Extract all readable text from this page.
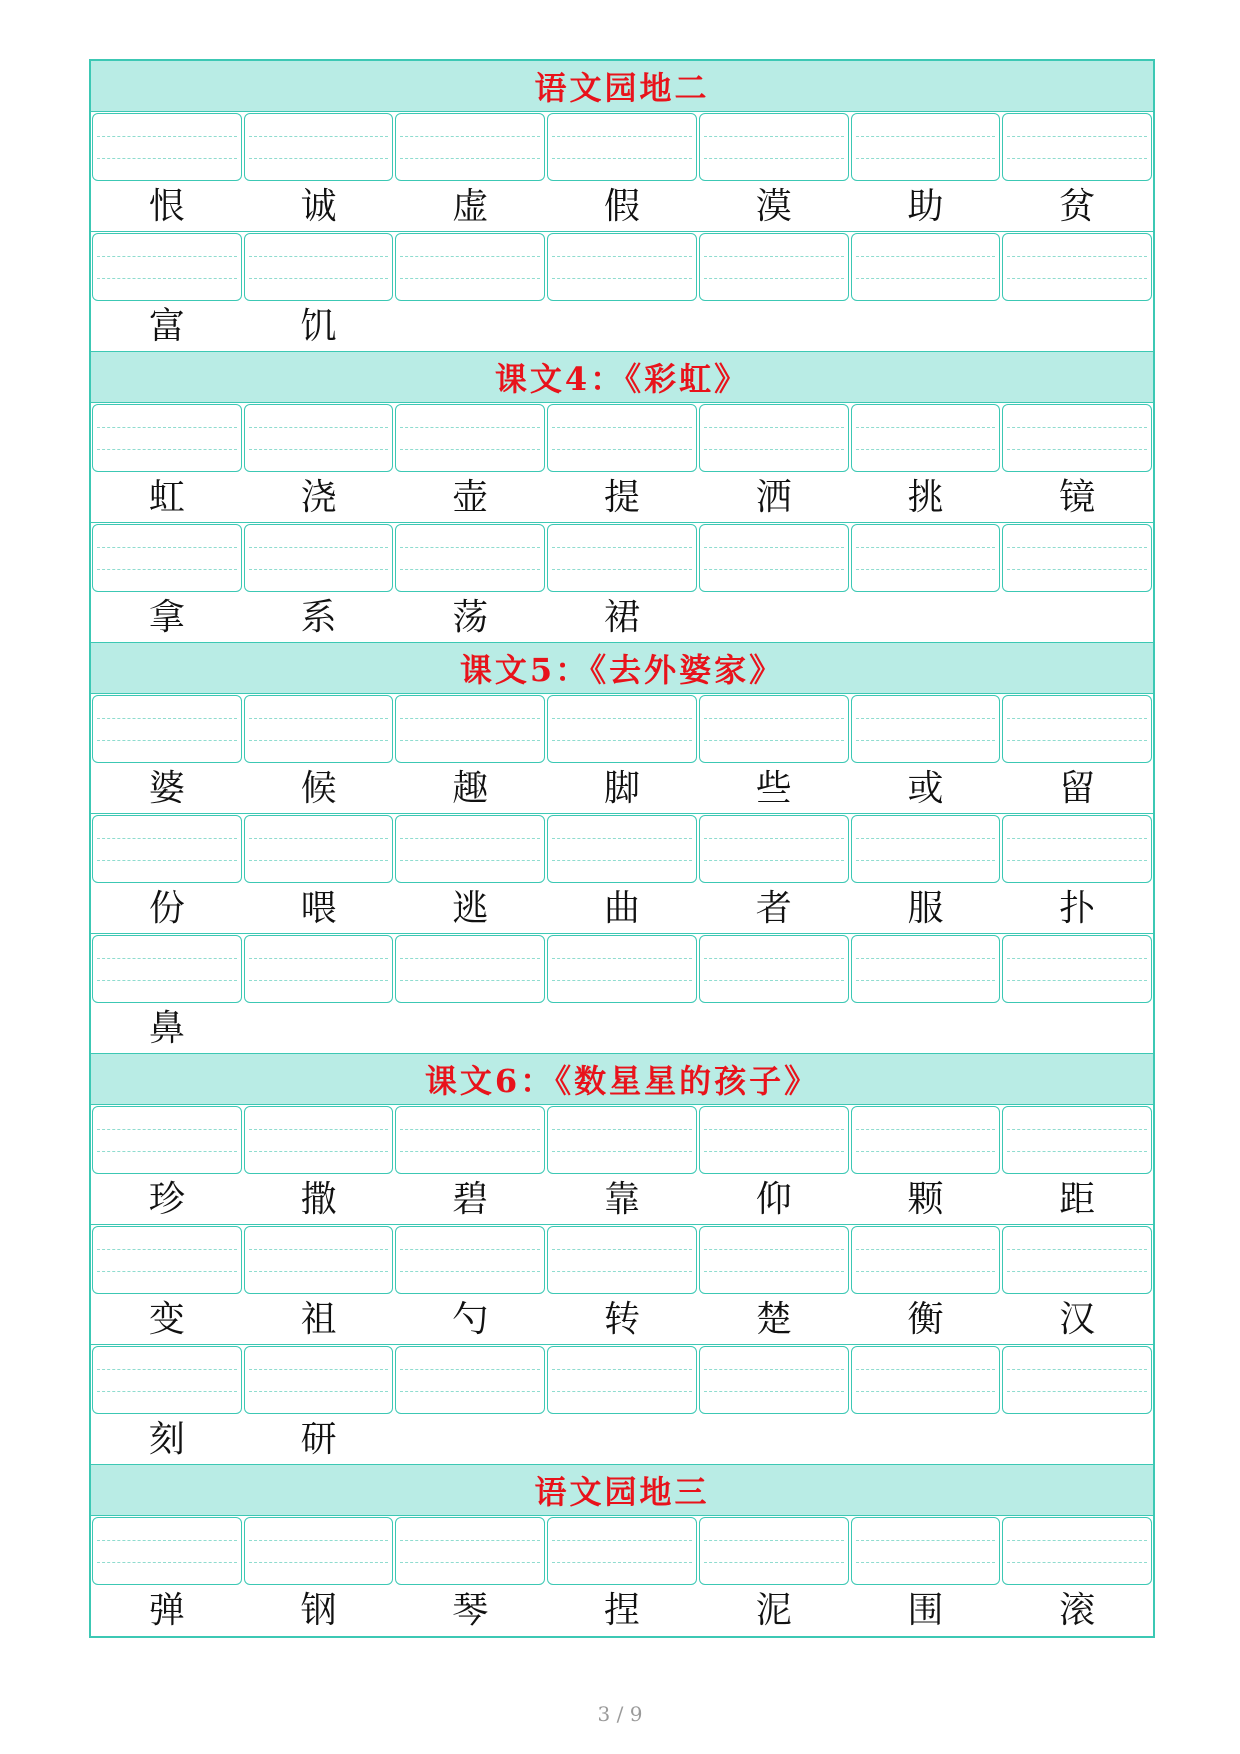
语文园地二
恨	诚	虚	假	漠	助	贫
富	饥
课文4：《彩虹》
虹	浇	壶	提	洒	挑	镜
拿	系	荡	裙
课文5：《去外婆家》
婆	候	趣	脚	些	或	留
份	喂	逃	曲	者	服	扑
鼻
课文6：《数星星的孩子》
珍	撒	碧	靠	仰	颗	距
变	祖	勺	转	楚	衡	汉
刻	研
语文园地三
弹	钢	琴	捏	泥	围	滚
3 / 9
